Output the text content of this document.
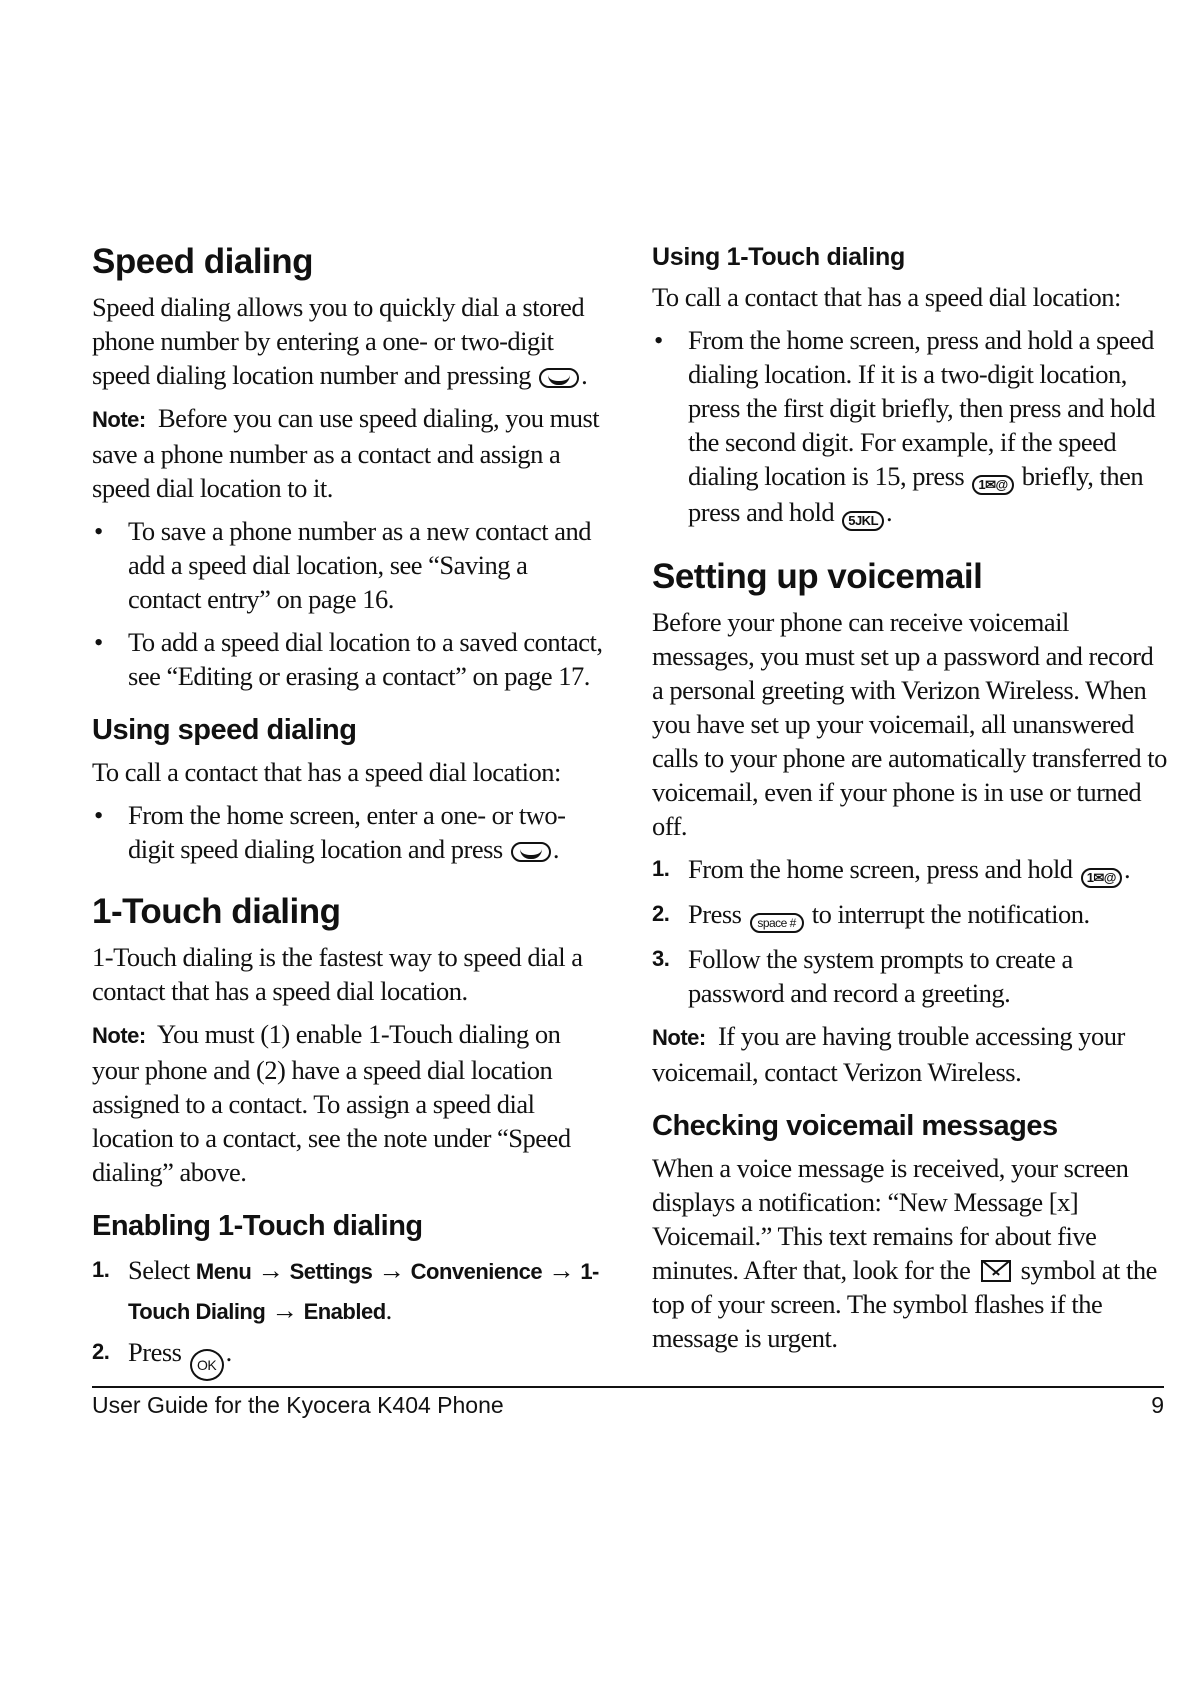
Speed dialing

Speed dialing allows you to quickly dial a stored phone number by entering a one- or two-digit speed dialing location number and pressing .

Note: Before you can use speed dialing, you must save a phone number as a contact and assign a speed dial location to it.

• To save a phone number as a new contact and add a speed dial location, see “Saving a contact entry” on page 16.
• To add a speed dial location to a saved contact, see “Editing or erasing a contact” on page 17.
Using speed dialing

To call a contact that has a speed dial location:

• From the home screen, enter a one- or two-digit speed dialing location and press .
1-Touch dialing

1-Touch dialing is the fastest way to speed dial a contact that has a speed dial location.

Note: You must (1) enable 1-Touch dialing on your phone and (2) have a speed dial location assigned to a contact. To assign a speed dial location to a contact, see the note under “Speed dialing” above.

Enabling 1-Touch dialing
1. Select Menu → Settings → Convenience → 1-Touch Dialing → Enabled.
2. Press OK .
Using 1-Touch dialing

To call a contact that has a speed dial location:

• From the home screen, press and hold a speed dialing location. If it is a two-digit location, press the first digit briefly, then press and hold the second digit. For example, if the speed dialing location is 15, press 1✉@ briefly, then press and hold 5JKL .
Setting up voicemail

Before your phone can receive voicemail messages, you must set up a password and record a personal greeting with Verizon Wireless. When you have set up your voicemail, all unanswered calls to your phone are automatically transferred to voicemail, even if your phone is in use or turned off.

1. From the home screen, press and hold 1✉@ .
2. Press space # to interrupt the notification.
3. Follow the system prompts to create a password and record a greeting.

Note: If you are having trouble accessing your voicemail, contact Verizon Wireless.

Checking voicemail messages

When a voice message is received, your screen displays a notification: “New Message [x] Voicemail.” This text remains for about five minutes. After that, look for the symbol at the top of your screen. The symbol flashes if the message is urgent.

User Guide for the Kyocera K404 Phone	9
